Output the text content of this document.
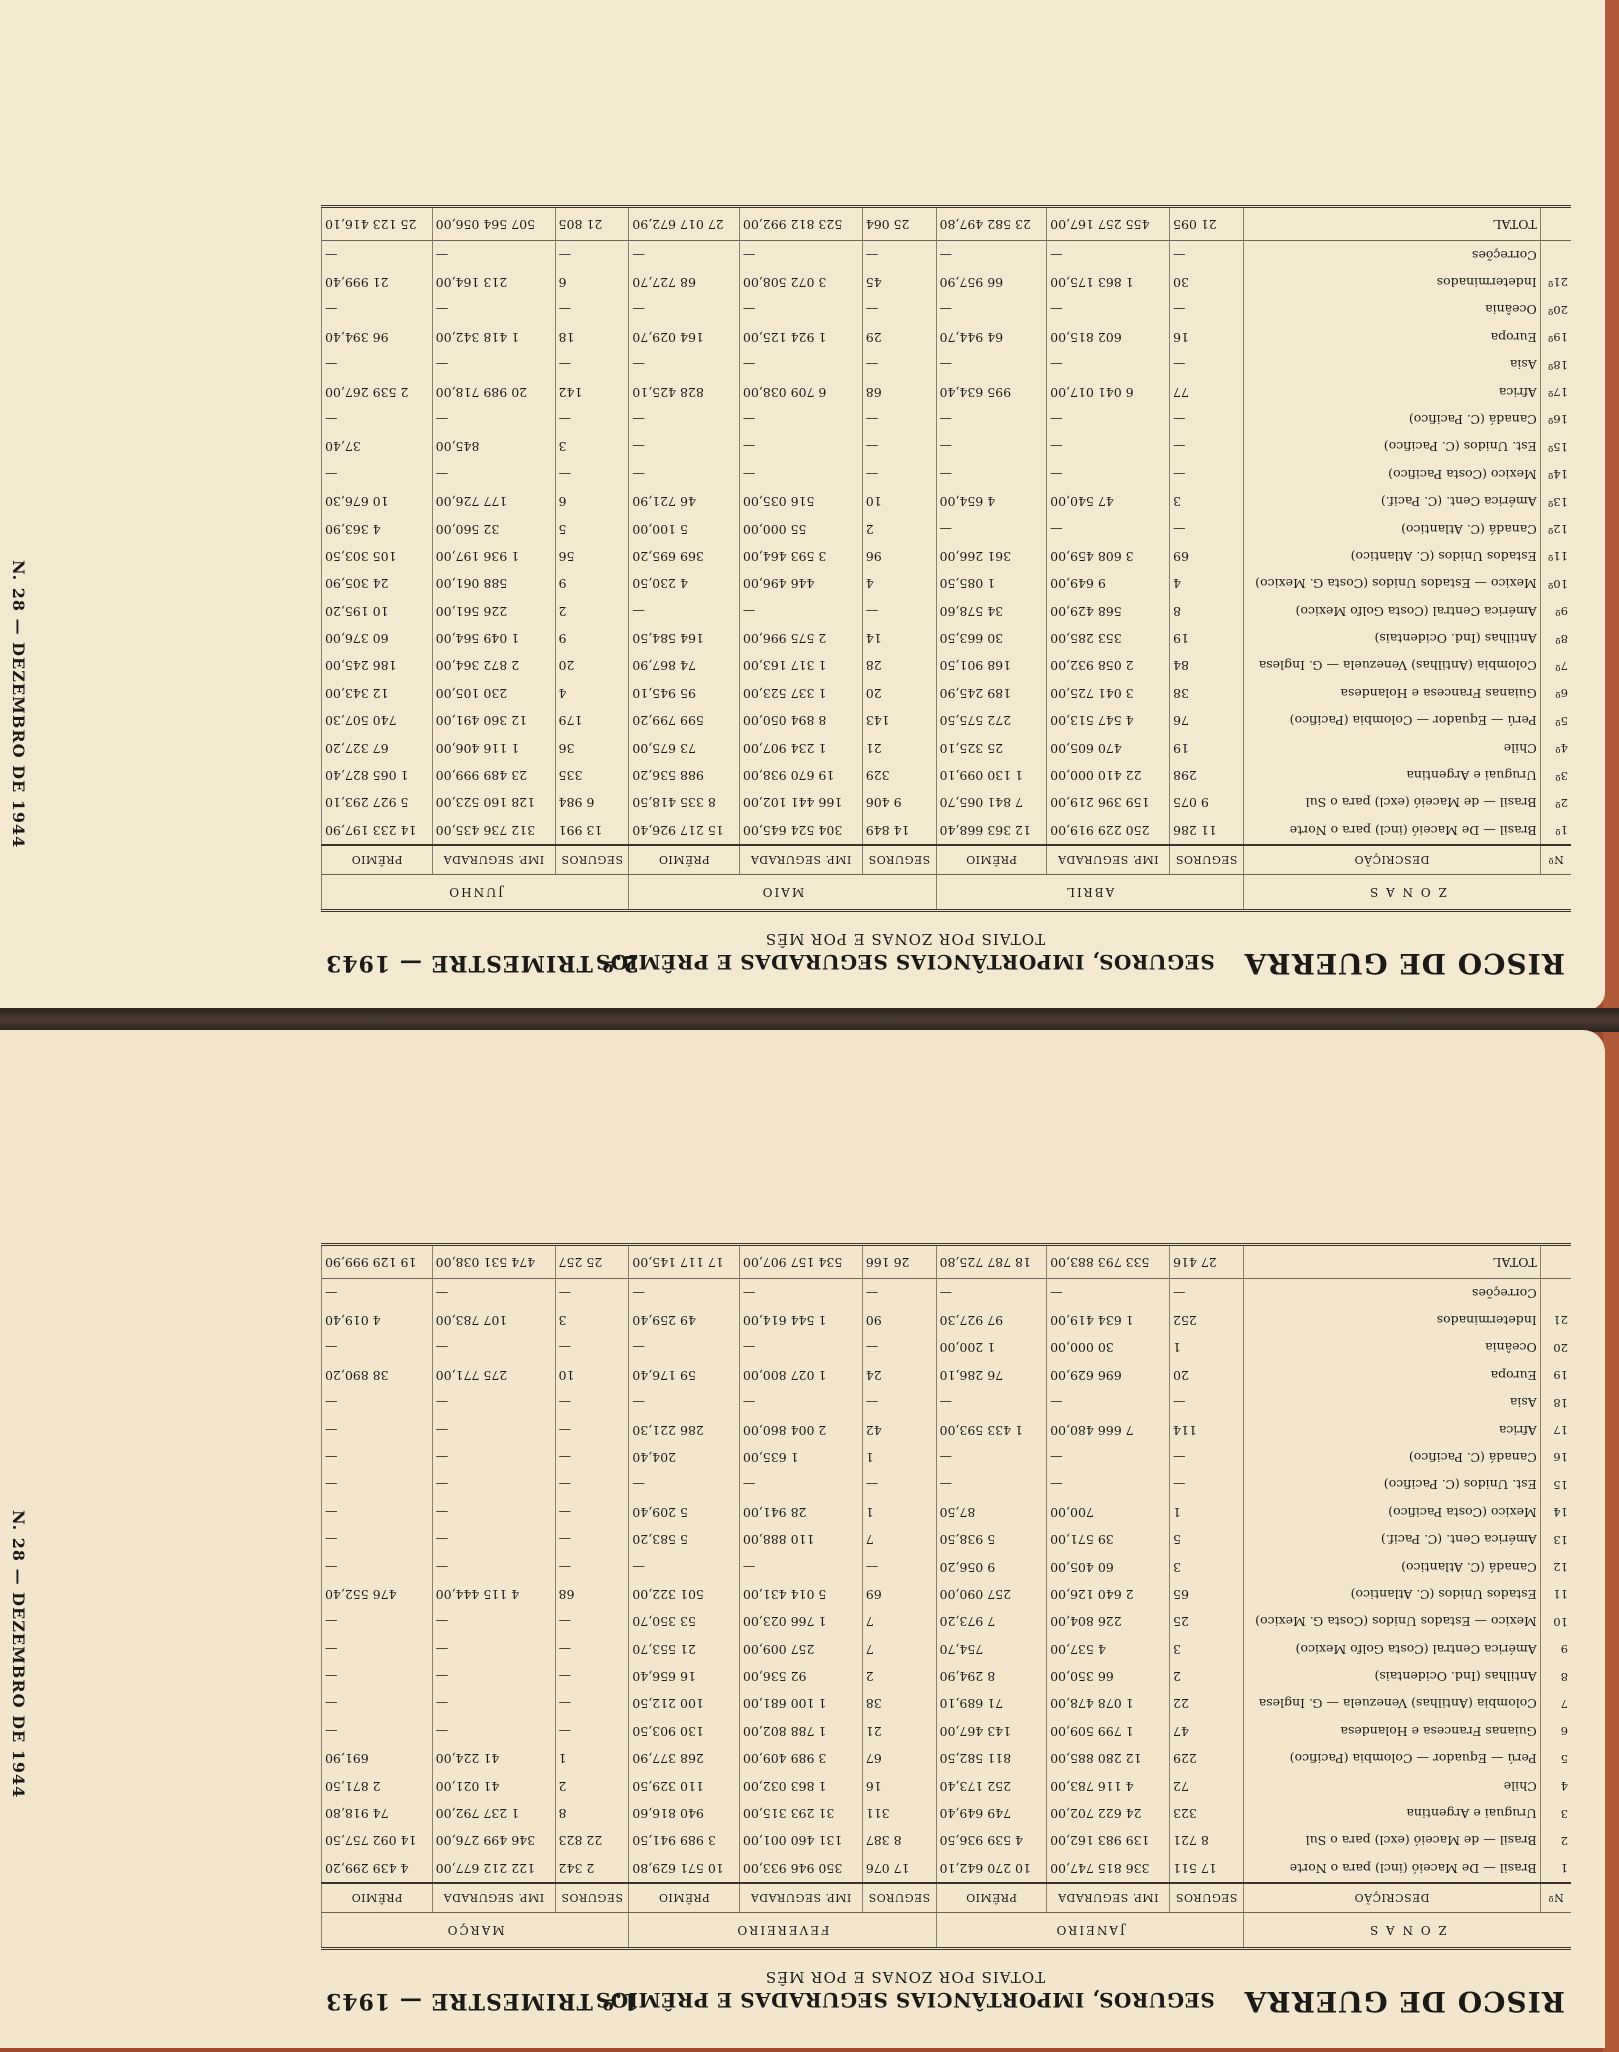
RISCO DE GUERRA
SEGUROS, IMPORTÂNCIAS SEGURADAS E PRÊMIOS
TOTAIS POR ZONAS E POR MÊS
2.º TRIMESTRE — 1943
Z O N A S		ABRIL			MAIO			JUNHO		
Nº	DESCRIÇÃO	SEGUROS	IMP. SEGURADA	PRÊMIO	SEGUROS	IMP. SEGURADA	PRÊMIO	SEGUROS	IMP. SEGURADA	PRÊMIO
1º	Brasil — De Maceió (incl) para o Norte	11 286	250 229 919,00	12 363 668,40	14 849	304 524 645,00	15 217 926,40	13 991	312 736 435,00	14 233 197,90
2º	Brasil — de Maceió (excl) para o Sul	9 075	159 396 219,00	7 841 065,70	9 406	166 441 102,00	8 335 418,50	6 984	128 160 523,00	5 927 293,10
3º	Uruguai e Argentina	298	22 410 000,00	1 130 099,10	329	19 670 938,00	988 536,20	335	23 489 999,00	1 065 827,40
4º	Chile	19	470 605,00	25 325,10	21	1 234 907,00	73 675,00	36	1 116 406,00	67 327,20
5º	Perú — Equador — Colombia (Pacifico)	76	4 547 513,00	272 575,50	143	8 894 050,00	599 799,20	179	12 360 491,00	740 507,30
6º	Guianas Francesa e Holandesa	38	3 041 725,00	189 245,90	20	1 337 523,00	95 945,10	4	230 105,00	12 343,00
7º	Colombia (Antilhas) Venezuela — G. Inglesa	84	2 058 932,00	168 901,50	28	1 317 163,00	74 867,90	20	2 872 364,00	186 245,00
8º	Antilhas (Ind. Ocidentais)	19	353 285,00	30 663,50	14	2 575 996,00	164 584,50	9	1 049 564,00	60 376,00
9º	América Central (Costa Golfo Mexico)	8	568 429,00	34 578,60	—	—	—	2	226 561,00	10 195,20
10º	Mexico — Estados Unidos (Costa G. Mexico)	4	9 649,00	1 085,50	4	446 496,00	4 230,50	9	588 061,00	24 305,90
11º	Estados Unidos (C. Atlantico)	69	3 608 459,00	361 266,00	96	3 593 464,00	369 695,20	56	1 936 197,00	105 303,50
12º	Canadá (C. Atlantico)	—	—	—	2	55 000,00	5 100,00	5	32 560,00	4 363,90
13º	América Cent. (C. Pacif.)	3	47 540,00	4 654,00	10	516 035,00	46 721,90	6	177 726,00	10 676,30
14º	Mexico (Costa Pacifico)	—	—	—	—	—	—	—	—	—
15º	Est. Unidos (C. Pacifico)	—	—	—	—	—	—	3	845,00	37,40
16º	Canadá (C. Pacifico)	—	—	—	—	—	—	—	—	—
17º	Africa	77	6 041 017,00	995 634,40	68	6 709 038,00	828 425,10	142	20 989 718,00	2 539 267,00
18º	Asia	—	—	—	—	—	—	—	—	—
19º	Europa	16	602 815,00	64 944,70	29	1 924 125,00	164 029,70	18	1 418 342,00	96 394,40
20º	Oceânia	—	—	—	—	—	—	—	—	—
21º	Indeterminados	30	1 863 175,00	66 957,90	45	3 072 508,00	68 727,70	6	213 164,00	21 999,40
	Correções	—	—	—	—	—	—	—	—	—
	TOTAL	21 095	455 257 167,00	23 582 497,80	25 064	523 812 992,00	27 017 672,90	21 805	507 564 056,00	25 123 416,10
N. 28 — DEZEMBRO DE 1944
RISCO DE GUERRA
SEGUROS, IMPORTÂNCIAS SEGURADAS E PRÊMIOS
TOTAIS POR ZONAS E POR MÊS
1.º TRIMESTRE — 1943
Z O N A S		JANEIRO			FEVEREIRO			MARÇO		
Nº	DESCRIÇÃO	SEGUROS	IMP. SEGURADA	PRÊMIO	SEGUROS	IMP. SEGURADA	PRÊMIO	SEGUROS	IMP. SEGURADA	PRÊMIO
1	Brasil — De Maceió (incl) para o Norte	17 511	336 815 747,00	10 270 642,10	17 076	350 946 933,00	10 571 629,80	2 342	122 212 677,00	4 439 299,20
2	Brasil — de Maceió (excl) para o Sul	8 721	139 983 162,00	4 539 936,50	8 387	131 460 001,00	3 989 941,50	22 823	346 499 276,00	14 092 757,50
3	Uruguai e Argentina	323	24 622 702,00	749 649,40	311	31 293 315,00	940 816,60	8	1 237 792,00	74 918,80
4	Chile	72	4 116 783,00	252 173,40	16	1 863 032,00	110 329,50	2	41 021,00	2 871,50
5	Perú — Equador — Colombia (Pacifico)	229	12 280 885,00	811 582,50	67	3 989 409,00	268 377,90	1	41 224,00	691,90
6	Guianas Francesa e Holandesa	47	1 799 509,00	143 467,00	21	1 788 802,00	130 903,50	—	—	—
7	Colombia (Antilhas) Venezuela — G. Inglesa	22	1 078 478,00	71 689,10	38	1 100 681,00	100 212,50	—	—	—
8	Antilhas (Ind. Ocidentais)	2	66 350,00	8 294,90	2	92 536,00	16 656,40	—	—	—
9	América Central (Costa Golfo Mexico)	3	4 537,00	754,70	7	257 009,00	21 553,70	—	—	—
10	Mexico — Estados Unidos (Costa G. Mexico)	25	226 804,00	7 973,20	7	1 766 023,00	53 350,70	—	—	—
11	Estados Unidos (C. Atlantico)	65	2 640 126,00	257 090,00	69	5 014 431,00	501 322,00	68	4 115 444,00	476 552,40
12	Canadá (C. Atlantico)	3	60 405,00	9 056,20	—	—	—	—	—	—
13	América Cent. (C. Pacif.)	5	39 571,00	5 938,50	7	110 888,00	5 583,20	—	—	—
14	Mexico (Costa Pacifico)	1	700,00	87,50	1	28 941,00	5 209,40	—	—	—
15	Est. Unidos (C. Pacifico)	—	—	—	—	—	—	—	—	—
16	Canadá (C. Pacifico)	—	—	—	1	1 635,00	204,40	—	—	—
17	Africa	114	7 666 480,00	1 433 593,00	42	2 004 860,00	286 221,30	—	—	—
18	Asia	—	—	—	—	—	—	—	—	—
19	Europa	20	696 629,00	76 286,10	24	1 027 800,00	59 176,40	10	275 771,00	38 890,20
20	Oceânia	1	30 000,00	1 200,00	—	—	—	—	—	—
21	Indeterminados	252	1 634 419,00	97 927,30	90	1 544 614,00	49 259,40	3	107 783,00	4 019,40
	Correções	—	—	—	—	—	—	—	—	—
	TOTAL	27 416	533 793 883,00	18 787 725,80	26 166	534 157 907,00	17 117 145,00	25 257	474 531 038,00	19 129 999,90
N. 28 — DEZEMBRO DE 1944
